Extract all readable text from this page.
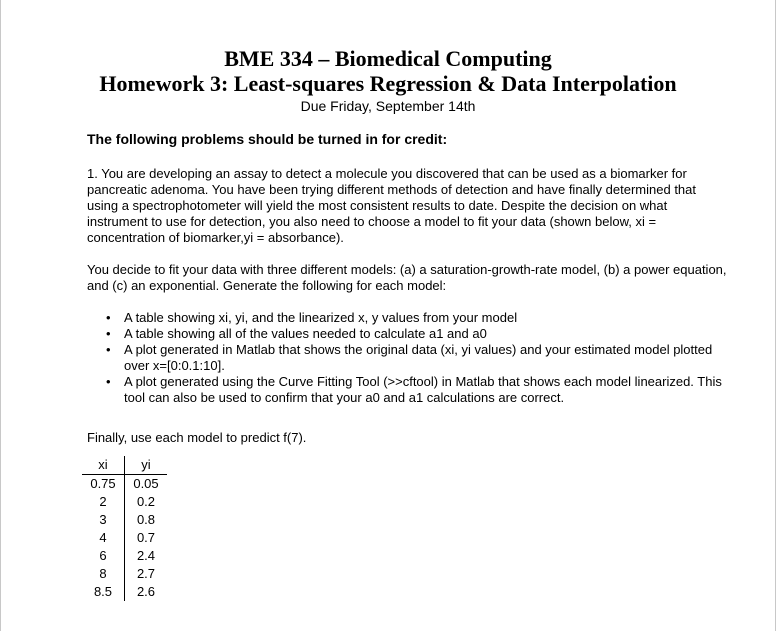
BME 334 – Biomedical Computing
Homework 3: Least-squares Regression & Data Interpolation
Due Friday, September 14th
The following problems should be turned in for credit:
1. You are developing an assay to detect a molecule you discovered that can be used as a biomarker for pancreatic adenoma. You have been trying different methods of detection and have finally determined that using a spectrophotometer will yield the most consistent results to date. Despite the decision on what instrument to use for detection, you also need to choose a model to fit your data (shown below, xi = concentration of biomarker,yi = absorbance).
You decide to fit your data with three different models: (a) a saturation-growth-rate model, (b) a power equation, and (c) an exponential. Generate the following for each model:
• A table showing xi, yi, and the linearized x, y values from your model
• A table showing all of the values needed to calculate a1 and a0
• A plot generated in Matlab that shows the original data (xi, yi values) and your estimated model plotted over x=[0:0.1:10].
• A plot generated using the Curve Fitting Tool (>>cftool) in Matlab that shows each model linearized. This tool can also be used to confirm that your a0 and a1 calculations are correct.
Finally, use each model to predict f(7).
xi	yi
0.75	0.05
2	0.2
3	0.8
4	0.7
6	2.4
8	2.7
8.5	2.6
